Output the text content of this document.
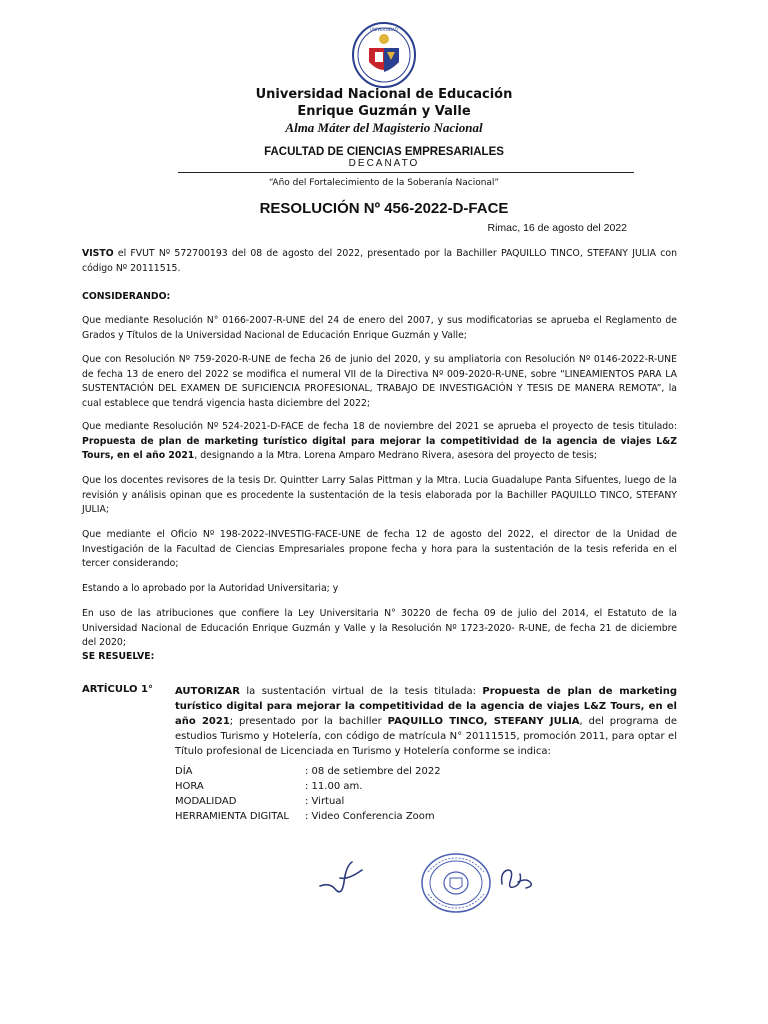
UNIVERSIDAD
Universidad Nacional de Educación
Enrique Guzmán y Valle
Alma Máter del Magisterio Nacional
FACULTAD DE CIENCIAS EMPRESARIALES
DECANATO
“Año del Fortalecimiento de la Soberanía Nacional”
RESOLUCIÓN Nº 456-2022-D-FACE
Rimac, 16 de agosto del 2022
VISTO el FVUT Nº 572700193 del 08 de agosto del 2022, presentado por la Bachiller PAQUILLO TINCO, STEFANY JULIA con código Nº 20111515.
CONSIDERANDO:
Que mediante Resolución N° 0166-2007-R-UNE del 24 de enero del 2007, y sus modificatorias se aprueba el Reglamento de Grados y Títulos de la Universidad Nacional de Educación Enrique Guzmán y Valle;
Que con Resolución Nº 759-2020-R-UNE de fecha 26 de junio del 2020, y su ampliatoria con Resolución Nº 0146-2022-R-UNE de fecha 13 de enero del 2022 se modifica el numeral VII de la Directiva Nº 009-2020-R-UNE, sobre “LINEAMIENTOS PARA LA SUSTENTACIÓN DEL EXAMEN DE SUFICIENCIA PROFESIONAL, TRABAJO DE INVESTIGACIÓN Y TESIS DE MANERA REMOTA”, la cual establece que tendrá vigencia hasta diciembre del 2022;
Que mediante Resolución Nº 524-2021-D-FACE de fecha 18 de noviembre del 2021 se aprueba el proyecto de tesis titulado: Propuesta de plan de marketing turístico digital para mejorar la competitividad de la agencia de viajes L&Z Tours, en el año 2021, designando a la Mtra. Lorena Amparo Medrano Rivera, asesora del proyecto de tesis;
Que los docentes revisores de la tesis Dr. Quintter Larry Salas Pittman y la Mtra. Lucia Guadalupe Panta Sifuentes, luego de la revisión y análisis opinan que es procedente la sustentación de la tesis elaborada por la Bachiller PAQUILLO TINCO, STEFANY JULIA;
Que mediante el Oficio Nº 198-2022-INVESTIG-FACE-UNE de fecha 12 de agosto del 2022, el director de la Unidad de Investigación de la Facultad de Ciencias Empresariales propone fecha y hora para la sustentación de la tesis referida en el tercer considerando;
Estando a lo aprobado por la Autoridad Universitaria; y
En uso de las atribuciones que confiere la Ley Universitaria N° 30220 de fecha 09 de julio del 2014, el Estatuto de la Universidad Nacional de Educación Enrique Guzmán y Valle y la Resolución Nº 1723-2020- R-UNE, de fecha 21 de diciembre del 2020;
SE RESUELVE:
ARTÍCULO 1° AUTORIZAR la sustentación virtual de la tesis titulada: Propuesta de plan de marketing turístico digital para mejorar la competitividad de la agencia de viajes L&Z Tours, en el año 2021; presentado por la bachiller PAQUILLO TINCO, STEFANY JULIA, del programa de estudios Turismo y Hotelería, con código de matrícula N° 20111515, promoción 2011, para optar el Título profesional de Licenciada en Turismo y Hotelería conforme se indica:
DÍA	: 08 de setiembre del 2022
HORA	: 11.00 am.
MODALIDAD	: Virtual
HERRAMIENTA DIGITAL	: Video Conferencia Zoom
